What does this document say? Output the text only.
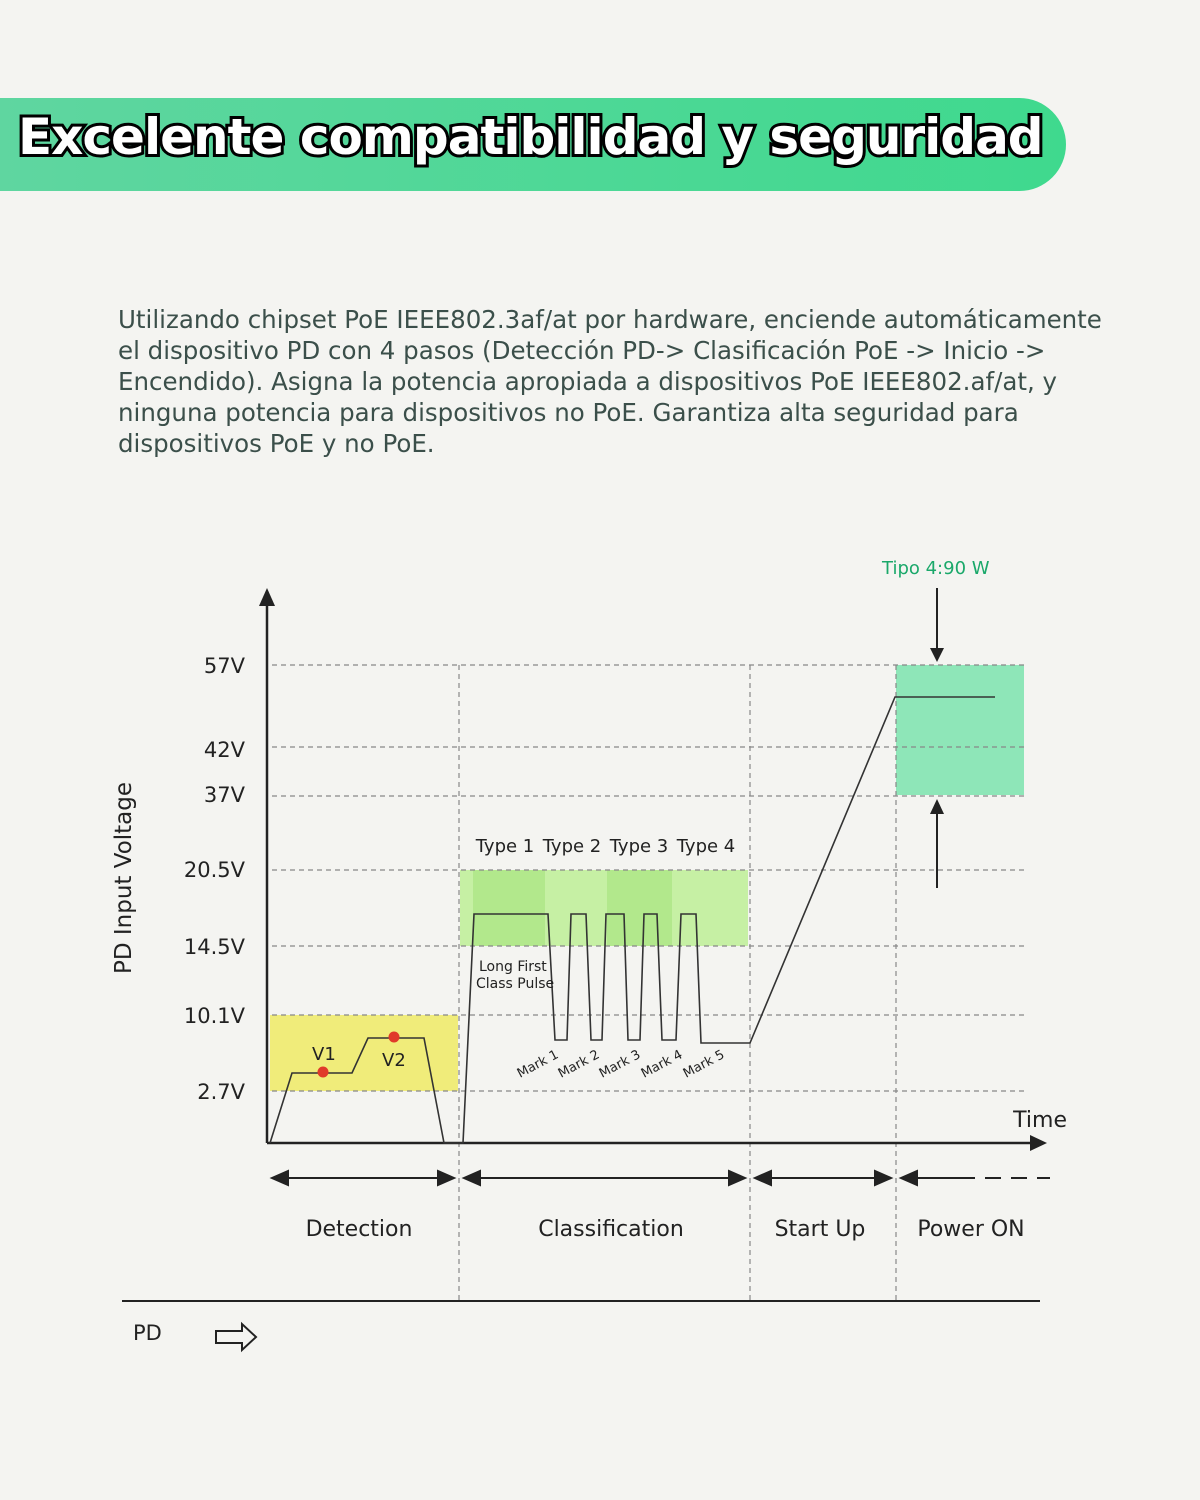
Excelente compatibilidad y seguridad

Utilizando chipset PoE IEEE802.3af/at por hardware, enciende automáticamente

el dispositivo PD con 4 pasos (Detección PD-> Clasificación PoE -> Inicio ->

Encendido). Asigna la potencia apropiada a dispositivos PoE IEEE802.af/at, y

ninguna potencia para dispositivos no PoE. Garantiza alta seguridad para

dispositivos PoE y no PoE.

V1	V2
57V
42V
37V
20.5V
14.5V
10.1V
2.7V
PD Input Voltage
Time
Type 1 Type 2 Type 3 Type 4
Long First
Class Pulse
Mark 1
Mark 2
Mark 3
Mark 4
Mark 5
Tipo 4:90 W
Detection	Classification	Start Up Power ON
PD
